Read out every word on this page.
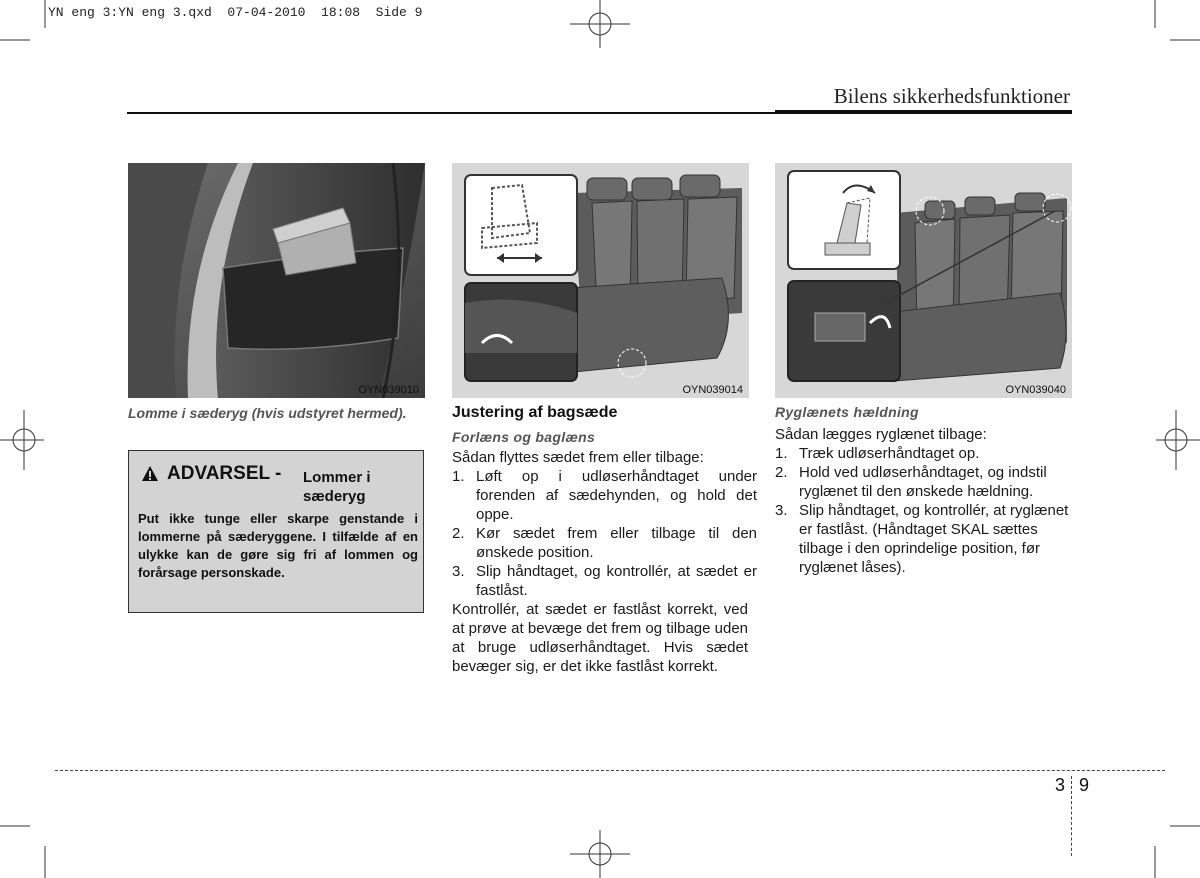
YN eng 3:YN eng 3.qxd  07-04-2010  18:08  Side 9
Bilens sikkerhedsfunktioner
OYN039010
Lomme i sæderyg (hvis udstyret hermed).
ADVARSEL - Lommer i
sæderyg
Put ikke tunge eller skarpe genstande i lommerne på sæderyggene. I tilfælde af en ulykke kan de gøre sig fri af lommen og forårsage personskade.
OYN039014	OYN039040
Justering af bagsæde
Forlæns og baglæns
Sådan flyttes sædet frem eller tilbage:
1. Løft op i udløserhåndtaget under forenden af sædehynden, og hold det oppe.
2. Kør sædet frem eller tilbage til den ønskede position.
3. Slip håndtaget, og kontrollér, at sædet er fastlåst.
Kontrollér, at sædet er fastlåst korrekt, ved at prøve at bevæge det frem og tilbage uden at bruge udløserhåndtaget. Hvis sædet bevæger sig, er det ikke fastlåst korrekt.
Ryglænets hældning
Sådan lægges ryglænet tilbage:
1. Træk udløserhåndtaget op.
2. Hold ved udløserhåndtaget, og indstil ryglænet til den ønskede hældning.
3. Slip håndtaget, og kontrollér, at ryglænet er fastlåst. (Håndtaget SKAL sættes tilbage i den oprindelige position, før ryglænet låses).
3 9
